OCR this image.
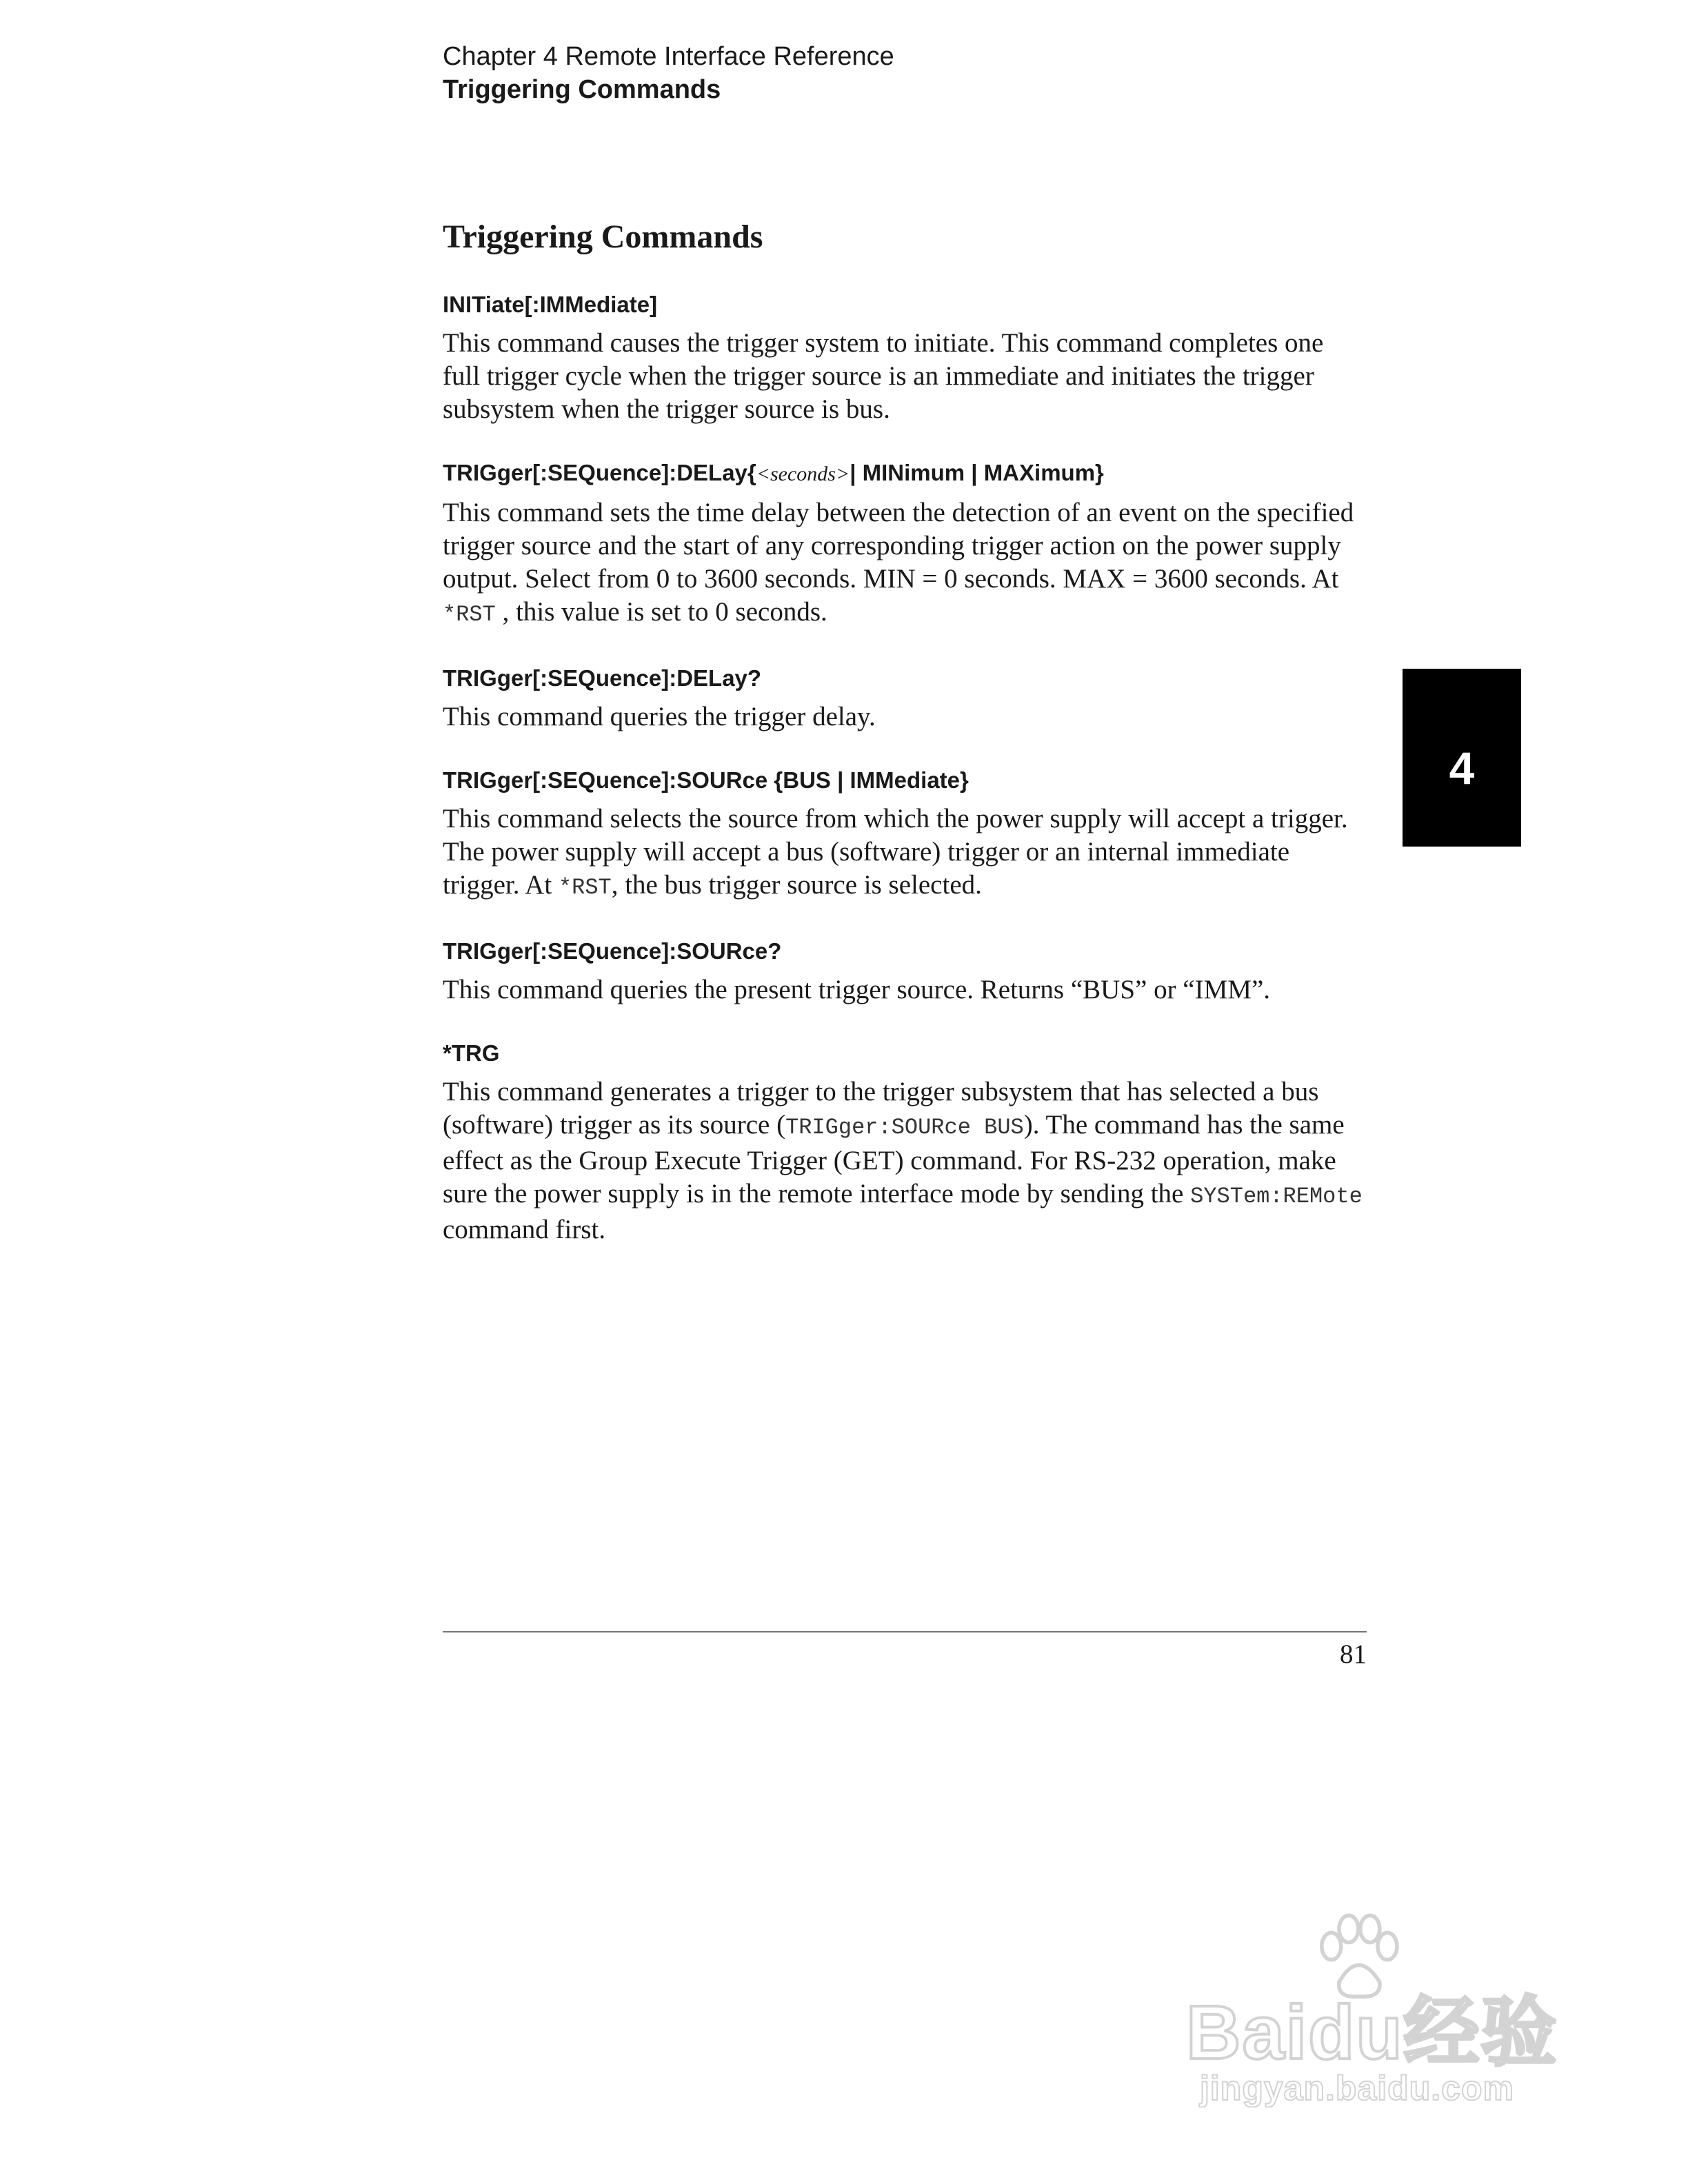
Chapter 4 Remote Interface Reference
Triggering Commands
Triggering Commands

INITiate[:IMMediate]

This command causes the trigger system to initiate. This command completes one full trigger cycle when the trigger source is an immediate and initiates the trigger subsystem when the trigger source is bus.

TRIGger[:SEQuence]:DELay{<seconds>| MINimum | MAXimum}

This command sets the time delay between the detection of an event on the specified trigger source and the start of any corresponding trigger action on the power supply output. Select from 0 to 3600 seconds. MIN = 0 seconds. MAX = 3600 seconds. At *RST , this value is set to 0 seconds.

TRIGger[:SEQuence]:DELay?

This command queries the trigger delay.

TRIGger[:SEQuence]:SOURce {BUS | IMMediate}

This command selects the source from which the power supply will accept a trigger. The power supply will accept a bus (software) trigger or an internal immediate trigger. At *RST, the bus trigger source is selected.

TRIGger[:SEQuence]:SOURce?

This command queries the present trigger source. Returns “BUS” or “IMM”.

*TRG

This command generates a trigger to the trigger subsystem that has selected a bus (software) trigger as its source (TRIGger:SOURce BUS). The command has the same effect as the Group Execute Trigger (GET) command. For RS-232 operation, make sure the power supply is in the remote interface mode by sending the SYSTem:REMote command first.

4
81
Baidu经验
jingyan.baidu.com
